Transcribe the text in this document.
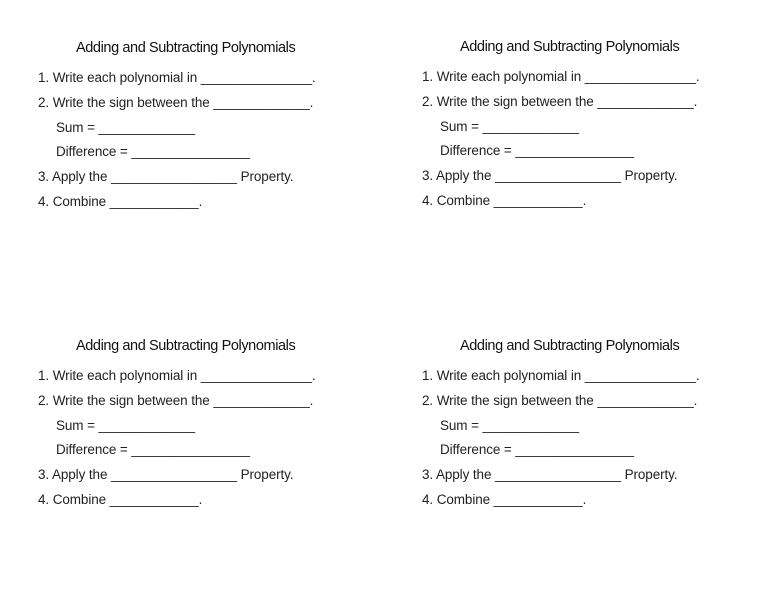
Adding and Subtracting Polynomials
1. Write each polynomial in _______________.
2. Write the sign between the _____________.
Sum = _____________
Difference = ________________
3. Apply the _________________ Property.
4. Combine ____________.
Adding and Subtracting Polynomials
1. Write each polynomial in _______________.
2. Write the sign between the _____________.
Sum = _____________
Difference = ________________
3. Apply the _________________ Property.
4. Combine ____________.
Adding and Subtracting Polynomials
1. Write each polynomial in _______________.
2. Write the sign between the _____________.
Sum = _____________
Difference = ________________
3. Apply the _________________ Property.
4. Combine ____________.
Adding and Subtracting Polynomials
1. Write each polynomial in _______________.
2. Write the sign between the _____________.
Sum = _____________
Difference = ________________
3. Apply the _________________ Property.
4. Combine ____________.
